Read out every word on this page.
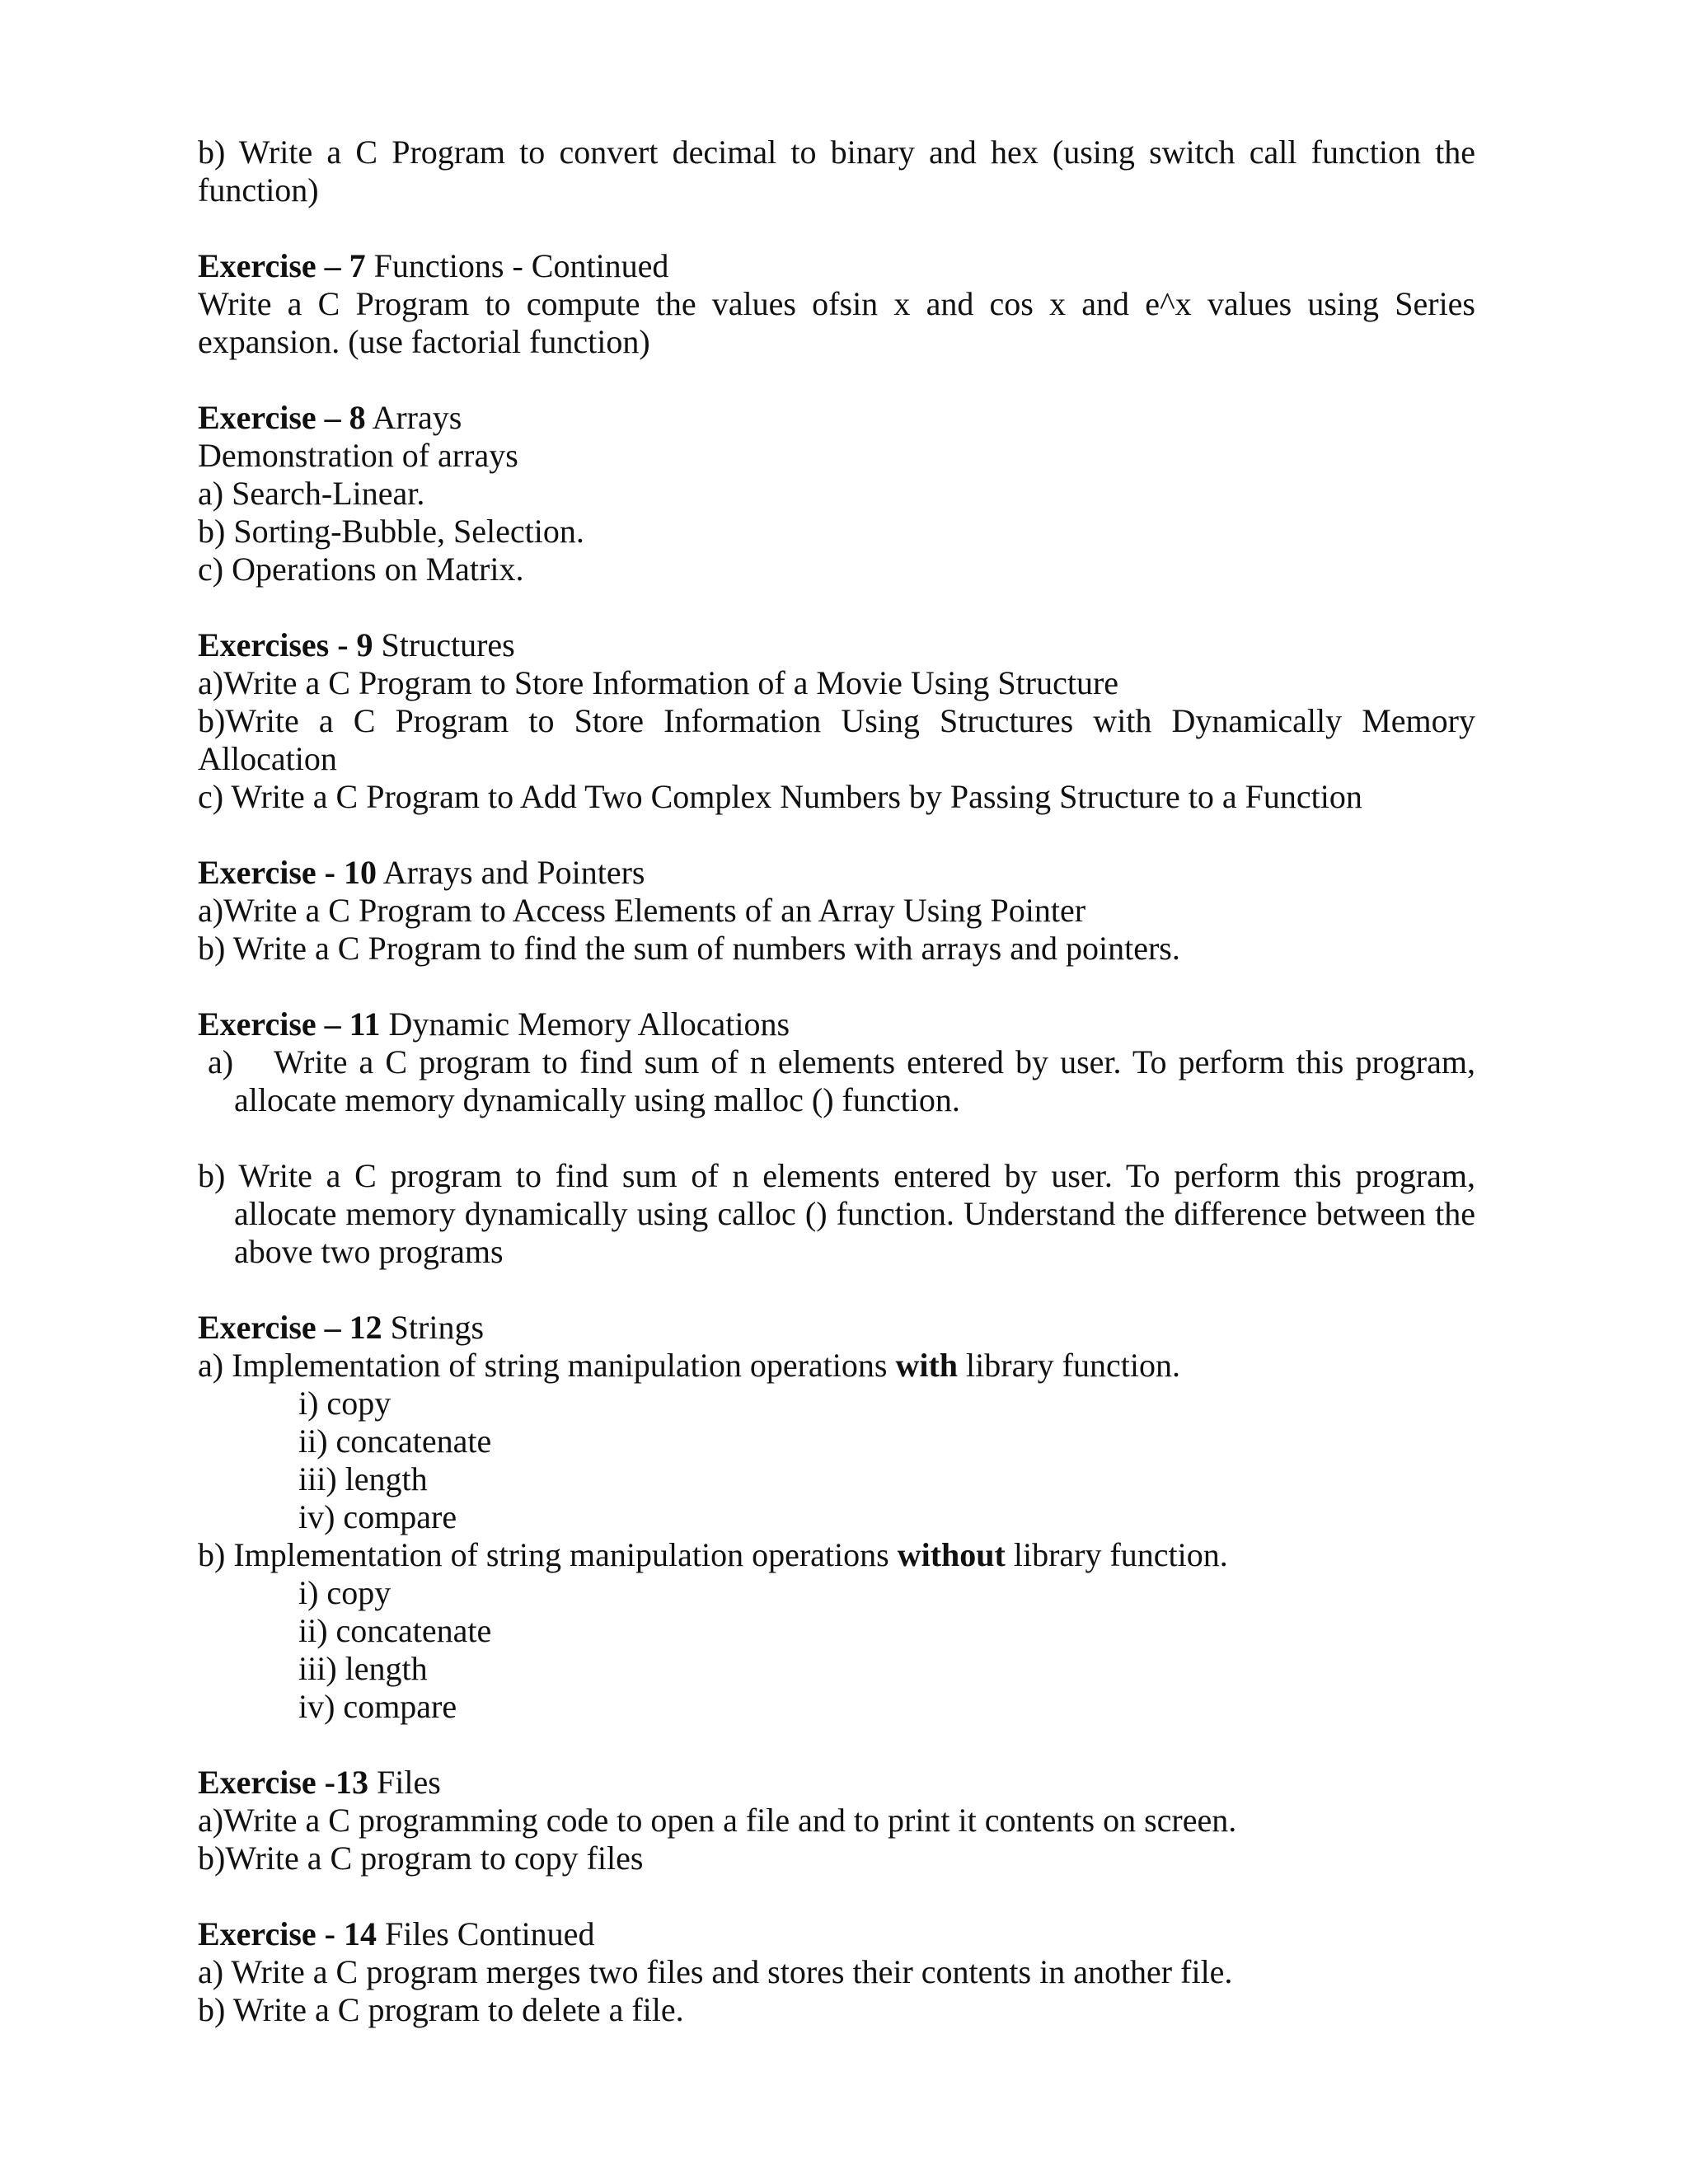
b) Write a C Program to convert decimal to binary and hex (using switch call function the function)

Exercise – 7 Functions - Continued

Write a C Program to compute the values ofsin x and cos x and e^x values using Series expansion. (use factorial function)

Exercise – 8 Arrays

Demonstration of arrays

a) Search-Linear.

b) Sorting-Bubble, Selection.

c) Operations on Matrix.

Exercises - 9 Structures

a)Write a C Program to Store Information of a Movie Using Structure

b)Write a C Program to Store Information Using Structures with Dynamically Memory Allocation

c) Write a C Program to Add Two Complex Numbers by Passing Structure to a Function

Exercise - 10 Arrays and Pointers

a)Write a C Program to Access Elements of an Array Using Pointer

b) Write a C Program to find the sum of numbers with arrays and pointers.

Exercise – 11 Dynamic Memory Allocations

a) Write a C program to find sum of n elements entered by user. To perform this program, allocate memory dynamically using malloc () function.

b) Write a C program to find sum of n elements entered by user. To perform this program, allocate memory dynamically using calloc () function. Understand the difference between the above two programs

Exercise – 12 Strings

a) Implementation of string manipulation operations with library function.

i) copy

ii) concatenate

iii) length

iv) compare

b) Implementation of string manipulation operations without library function.

i) copy

ii) concatenate

iii) length

iv) compare

Exercise -13 Files

a)Write a C programming code to open a file and to print it contents on screen.

b)Write a C program to copy files

Exercise - 14 Files Continued

a) Write a C program merges two files and stores their contents in another file.

b) Write a C program to delete a file.
